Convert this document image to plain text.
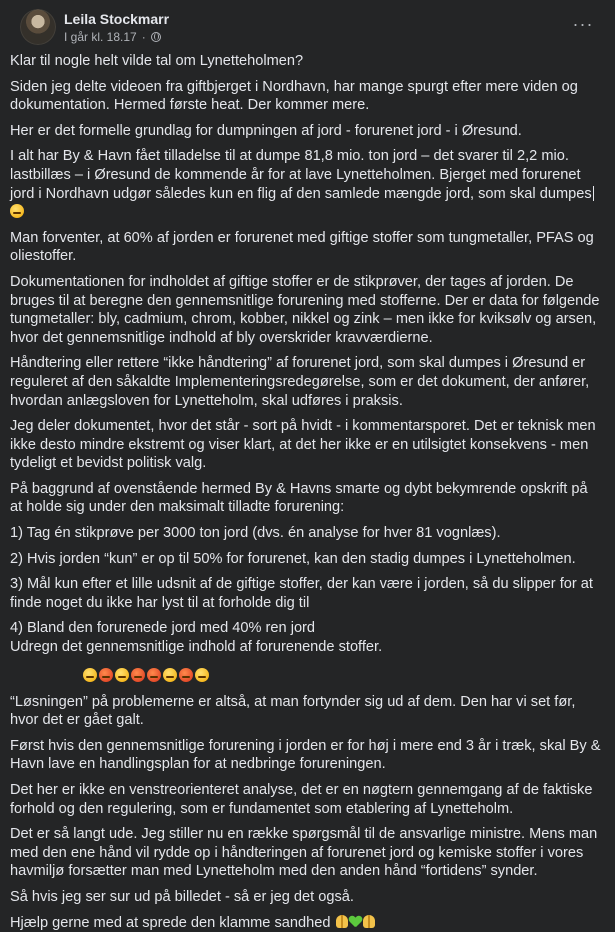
Leila Stockmarr
I går kl. 18.17 ·
···

Klar til nogle helt vilde tal om Lynetteholmen?

Siden jeg delte videoen fra giftbjerget i Nordhavn, har mange spurgt efter mere viden og dokumentation. Hermed første heat. Der kommer mere.

Her er det formelle grundlag for dumpningen af jord - forurenet jord - i Øresund.

I alt har By & Havn fået tilladelse til at dumpe 81,8 mio. ton jord – det svarer til 2,2 mio. lastbillæs – i Øresund de kommende år for at lave Lynetteholmen. Bjerget med forurenet jord i Nordhavn udgør således kun en flig af den samlede mængde jord, som skal dumpes

Man forventer, at 60% af jorden er forurenet med giftige stoffer som tungmetaller, PFAS og oliestoffer.

Dokumentationen for indholdet af giftige stoffer er de stikprøver, der tages af jorden. De bruges til at beregne den gennemsnitlige forurening med stofferne. Der er data for følgende tungmetaller: bly, cadmium, chrom, kobber, nikkel og zink – men ikke for kviksølv og arsen, hvor det gennemsnitlige indhold af bly overskrider kravværdierne.

Håndtering eller rettere “ikke håndtering” af forurenet jord, som skal dumpes i Øresund er reguleret af den såkaldte Implementeringsredegørelse, som er det dokument, der anfører, hvordan anlægsloven for Lynetteholm, skal udføres i praksis.

Jeg deler dokumentet, hvor det står - sort på hvidt - i kommentarsporet. Det er teknisk men ikke desto mindre ekstremt og viser klart, at det her ikke er en utilsigtet konsekvens - men tydeligt et bevidst politisk valg.

På baggrund af ovenstående hermed By & Havns smarte og dybt bekymrende opskrift på at holde sig under den maksimalt tilladte forurening:

1) Tag én stikprøve per 3000 ton jord (dvs. én analyse for hver 81 vognlæs).

2) Hvis jorden “kun” er op til 50% for forurenet, kan den stadig dumpes i Lynetteholmen.

3) Mål kun efter et lille udsnit af de giftige stoffer, der kan være i jorden, så du slipper for at finde noget du ikke har lyst til at forholde dig til

4) Bland den forurenede jord med 40% ren jord

Udregn det gennemsnitlige indhold af forurenende stoffer.

“Løsningen” på problemerne er altså, at man fortynder sig ud af dem. Den har vi set før, hvor det er gået galt.

Først hvis den gennemsnitlige forurening i jorden er for høj i mere end 3 år i træk, skal By & Havn lave en handlingsplan for at nedbringe forureningen.

Det her er ikke en venstreorienteret analyse, det er en nøgtern gennemgang af de faktiske forhold og den regulering, som er fundamentet som etablering af Lynetteholm.

Det er så langt ude. Jeg stiller nu en række spørgsmål til de ansvarlige ministre. Mens man med den ene hånd vil rydde op i håndteringen af forurenet jord og kemiske stoffer i vores havmiljø forsætter man med Lynetteholm med den anden hånd “fortidens” synder.

Så hvis jeg ser sur ud på billedet - så er jeg det også.

Hjælp gerne med at sprede den klamme sandhed
